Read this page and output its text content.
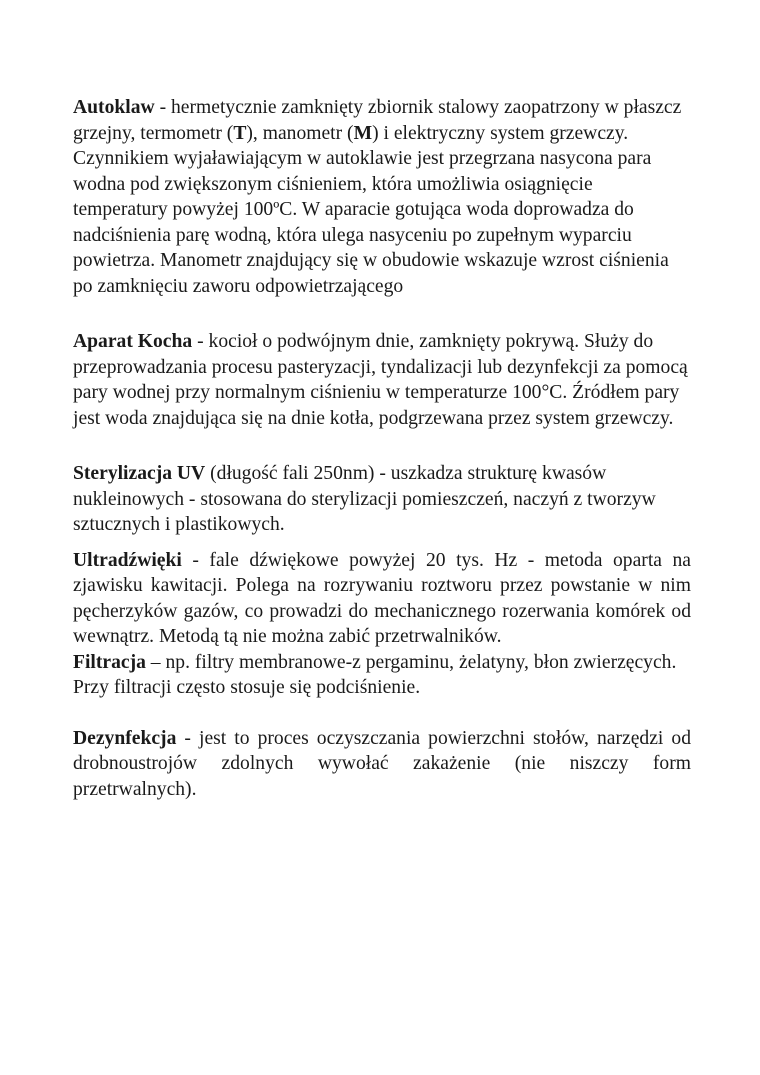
Autoklaw - hermetycznie zamknięty zbiornik stalowy zaopatrzony w płaszcz grzejny, termometr (T), manometr (M) i elektryczny system grzewczy. Czynnikiem wyjaławiającym w autoklawie jest przegrzana nasycona para wodna pod zwiększonym ciśnieniem, która umożliwia osiągnięcie temperatury powyżej 100ºC. W aparacie gotująca woda doprowadza do nadciśnienia parę wodną, która ulega nasyceniu po zupełnym wyparciu powietrza. Manometr znajdujący się w obudowie wskazuje wzrost ciśnienia po zamknięciu zaworu odpowietrzającego

Aparat Kocha - kocioł o podwójnym dnie, zamknięty pokrywą. Służy do przeprowadzania procesu pasteryzacji, tyndalizacji lub dezynfekcji za pomocą pary wodnej przy normalnym ciśnieniu w temperaturze 100°C. Źródłem pary jest woda znajdująca się na dnie kotła, podgrzewana przez system grzewczy.

Sterylizacja UV (długość fali 250nm) - uszkadza strukturę kwasów nukleinowych - stosowana do sterylizacji pomieszczeń, naczyń z tworzyw sztucznych i plastikowych.

Ultradźwięki - fale dźwiękowe powyżej 20 tys. Hz - metoda oparta na zjawisku kawitacji. Polega na rozrywaniu roztworu przez powstanie w nim pęcherzyków gazów, co prowadzi do mechanicznego rozerwania komórek od wewnątrz. Metodą tą nie można zabić przetrwalników.

Filtracja – np. filtry membranowe-z pergaminu, żelatyny, błon zwierzęcych.

Przy filtracji często stosuje się podciśnienie.

Dezynfekcja - jest to proces oczyszczania powierzchni stołów, narzędzi od drobnoustrojów zdolnych wywołać zakażenie (nie niszczy form przetrwalnych).
